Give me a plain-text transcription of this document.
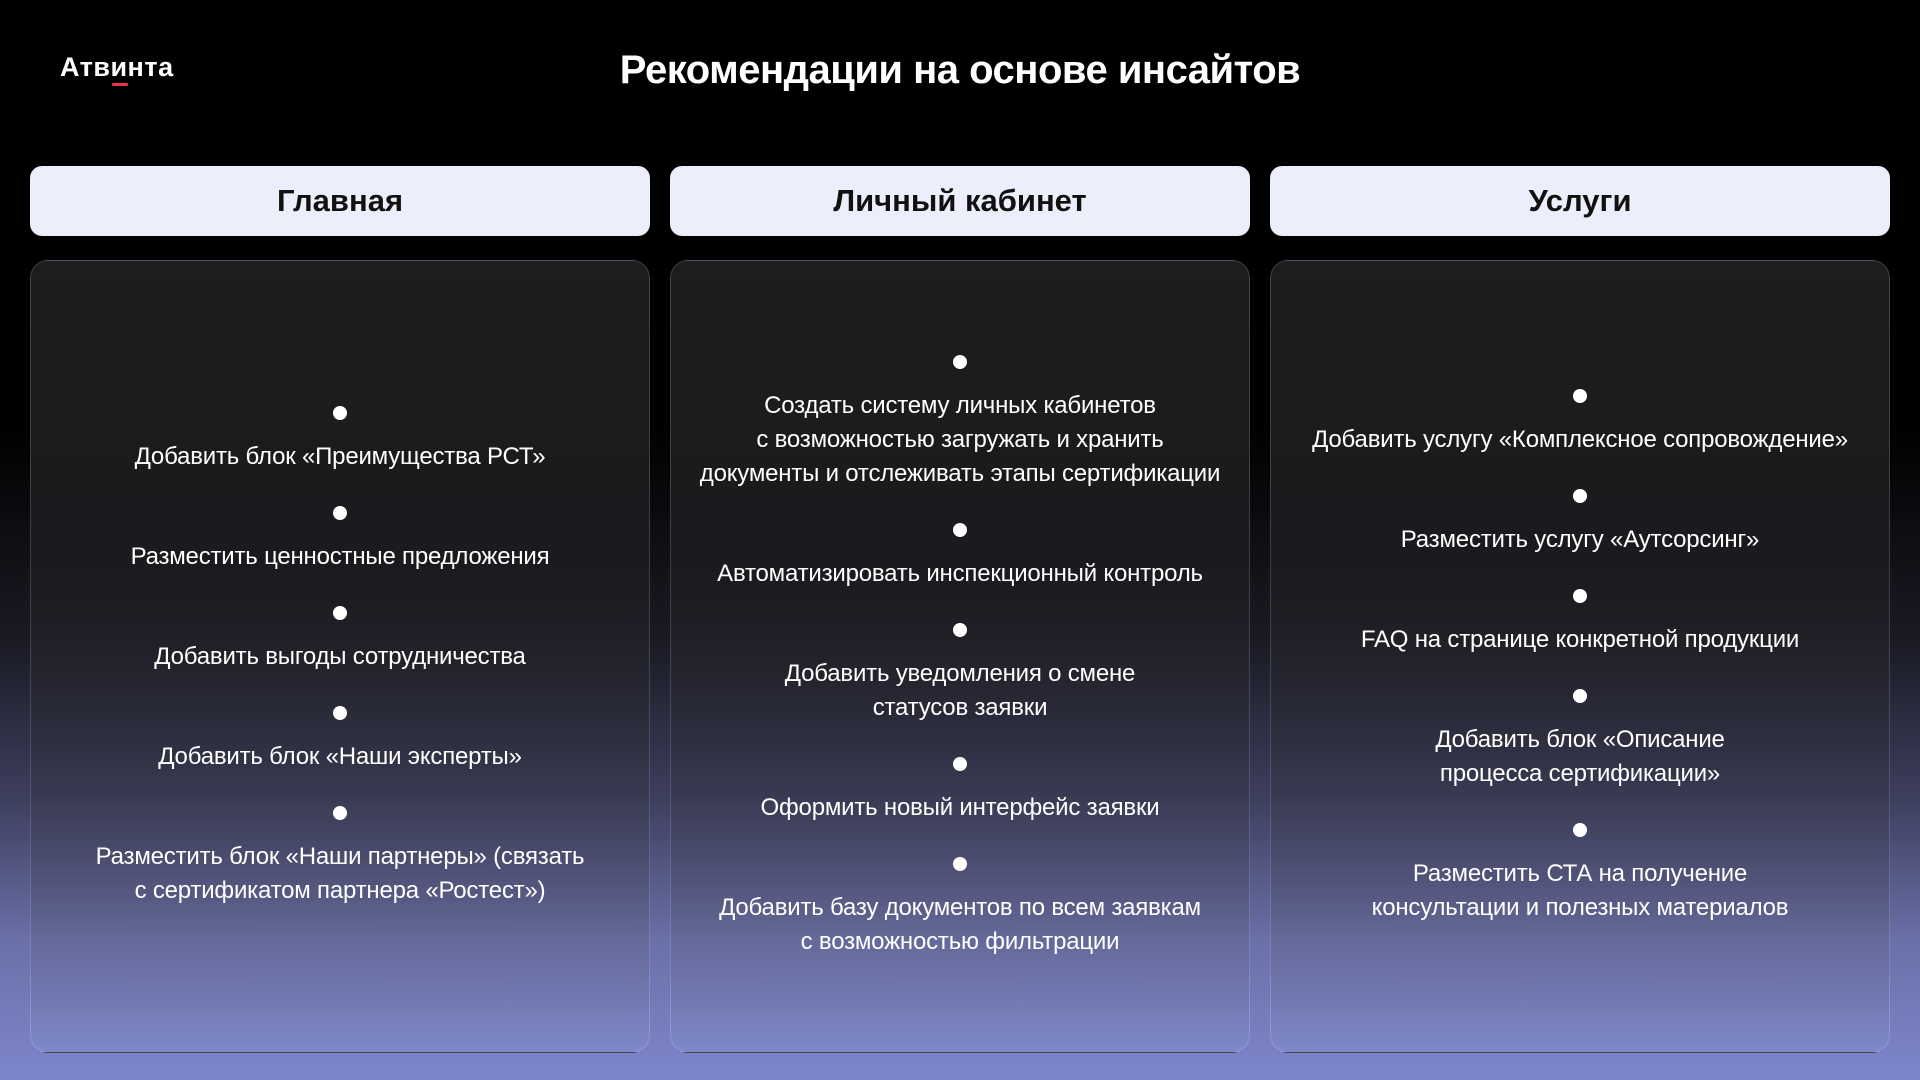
Атвинта	Рекомендации на основе инсайтов
Главная
Добавить блок «Преимущества РСТ»
Разместить ценностные предложения
Добавить выгоды сотрудничества
Добавить блок «Наши эксперты»
Разместить блок «Наши партнеры» (связать
с сертификатом партнера «Ростест»)
Личный кабинет
Создать систему личных кабинетов
с возможностью загружать и хранить
документы и отслеживать этапы сертификации
Автоматизировать инспекционный контроль
Добавить уведомления о смене
статусов заявки
Оформить новый интерфейс заявки
Добавить базу документов по всем заявкам
с возможностью фильтрации
Услуги
Добавить услугу «Комплексное сопровождение»
Разместить услугу «Аутсорсинг»
FAQ на странице конкретной продукции
Добавить блок «Описание
процесса сертификации»
Разместить СТА на получение
консультации и полезных материалов
